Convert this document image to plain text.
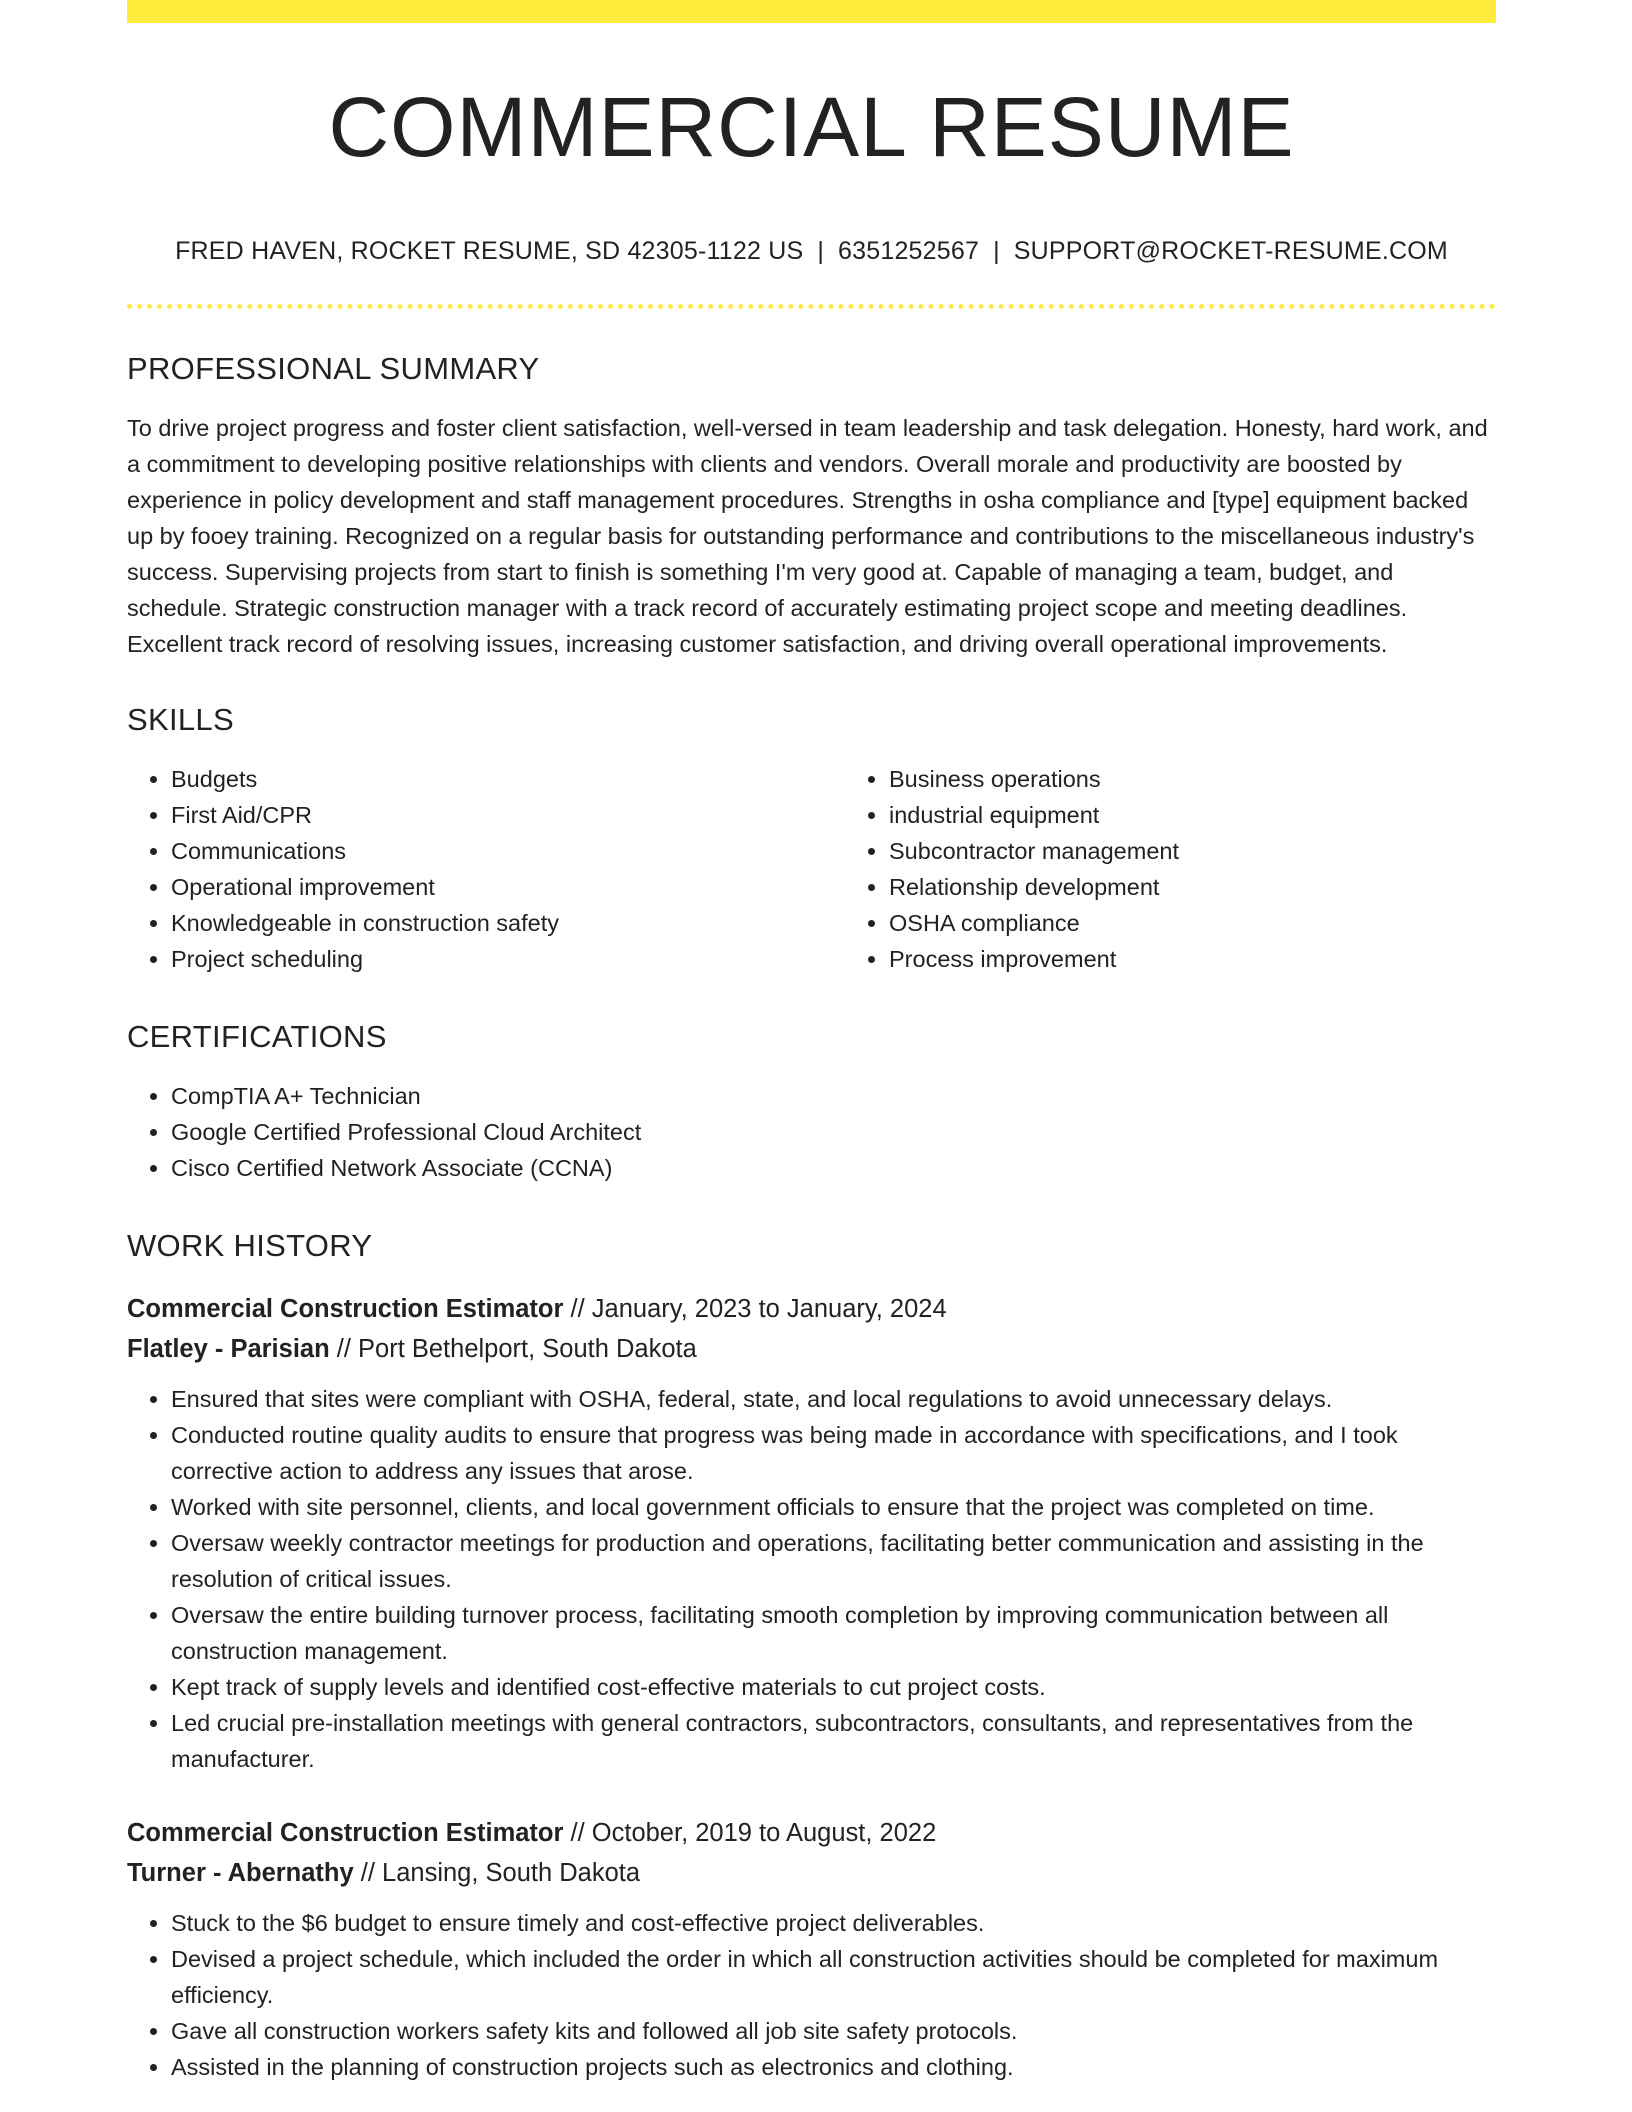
COMMERCIAL RESUME
FRED HAVEN, ROCKET RESUME, SD 42305-1122 US | 6351252567 | SUPPORT@ROCKET-RESUME.COM
PROFESSIONAL SUMMARY

To drive project progress and foster client satisfaction, well-versed in team leadership and task delegation. Honesty, hard work, and a commitment to developing positive relationships with clients and vendors. Overall morale and productivity are boosted by experience in policy development and staff management procedures. Strengths in osha compliance and [type] equipment backed up by fooey training. Recognized on a regular basis for outstanding performance and contributions to the miscellaneous industry's success. Supervising projects from start to finish is something I'm very good at. Capable of managing a team, budget, and schedule. Strategic construction manager with a track record of accurately estimating project scope and meeting deadlines. Excellent track record of resolving issues, increasing customer satisfaction, and driving overall operational improvements.

SKILLS
• Budgets
• First Aid/CPR
• Communications
• Operational improvement
• Knowledgeable in construction safety
• Project scheduling
• Business operations
• industrial equipment
• Subcontractor management
• Relationship development
• OSHA compliance
• Process improvement
CERTIFICATIONS
• CompTIA A+ Technician
• Google Certified Professional Cloud Architect
• Cisco Certified Network Associate (CCNA)
WORK HISTORY
Commercial Construction Estimator // January, 2023 to January, 2024
Flatley - Parisian // Port Bethelport, South Dakota
• Ensured that sites were compliant with OSHA, federal, state, and local regulations to avoid unnecessary delays.
• Conducted routine quality audits to ensure that progress was being made in accordance with specifications, and I took corrective action to address any issues that arose.
• Worked with site personnel, clients, and local government officials to ensure that the project was completed on time.
• Oversaw weekly contractor meetings for production and operations, facilitating better communication and assisting in the resolution of critical issues.
• Oversaw the entire building turnover process, facilitating smooth completion by improving communication between all construction management.
• Kept track of supply levels and identified cost-effective materials to cut project costs.
• Led crucial pre-installation meetings with general contractors, subcontractors, consultants, and representatives from the manufacturer.
Commercial Construction Estimator // October, 2019 to August, 2022
Turner - Abernathy // Lansing, South Dakota
• Stuck to the $6 budget to ensure timely and cost-effective project deliverables.
• Devised a project schedule, which included the order in which all construction activities should be completed for maximum efficiency.
• Gave all construction workers safety kits and followed all job site safety protocols.
• Assisted in the planning of construction projects such as electronics and clothing.
